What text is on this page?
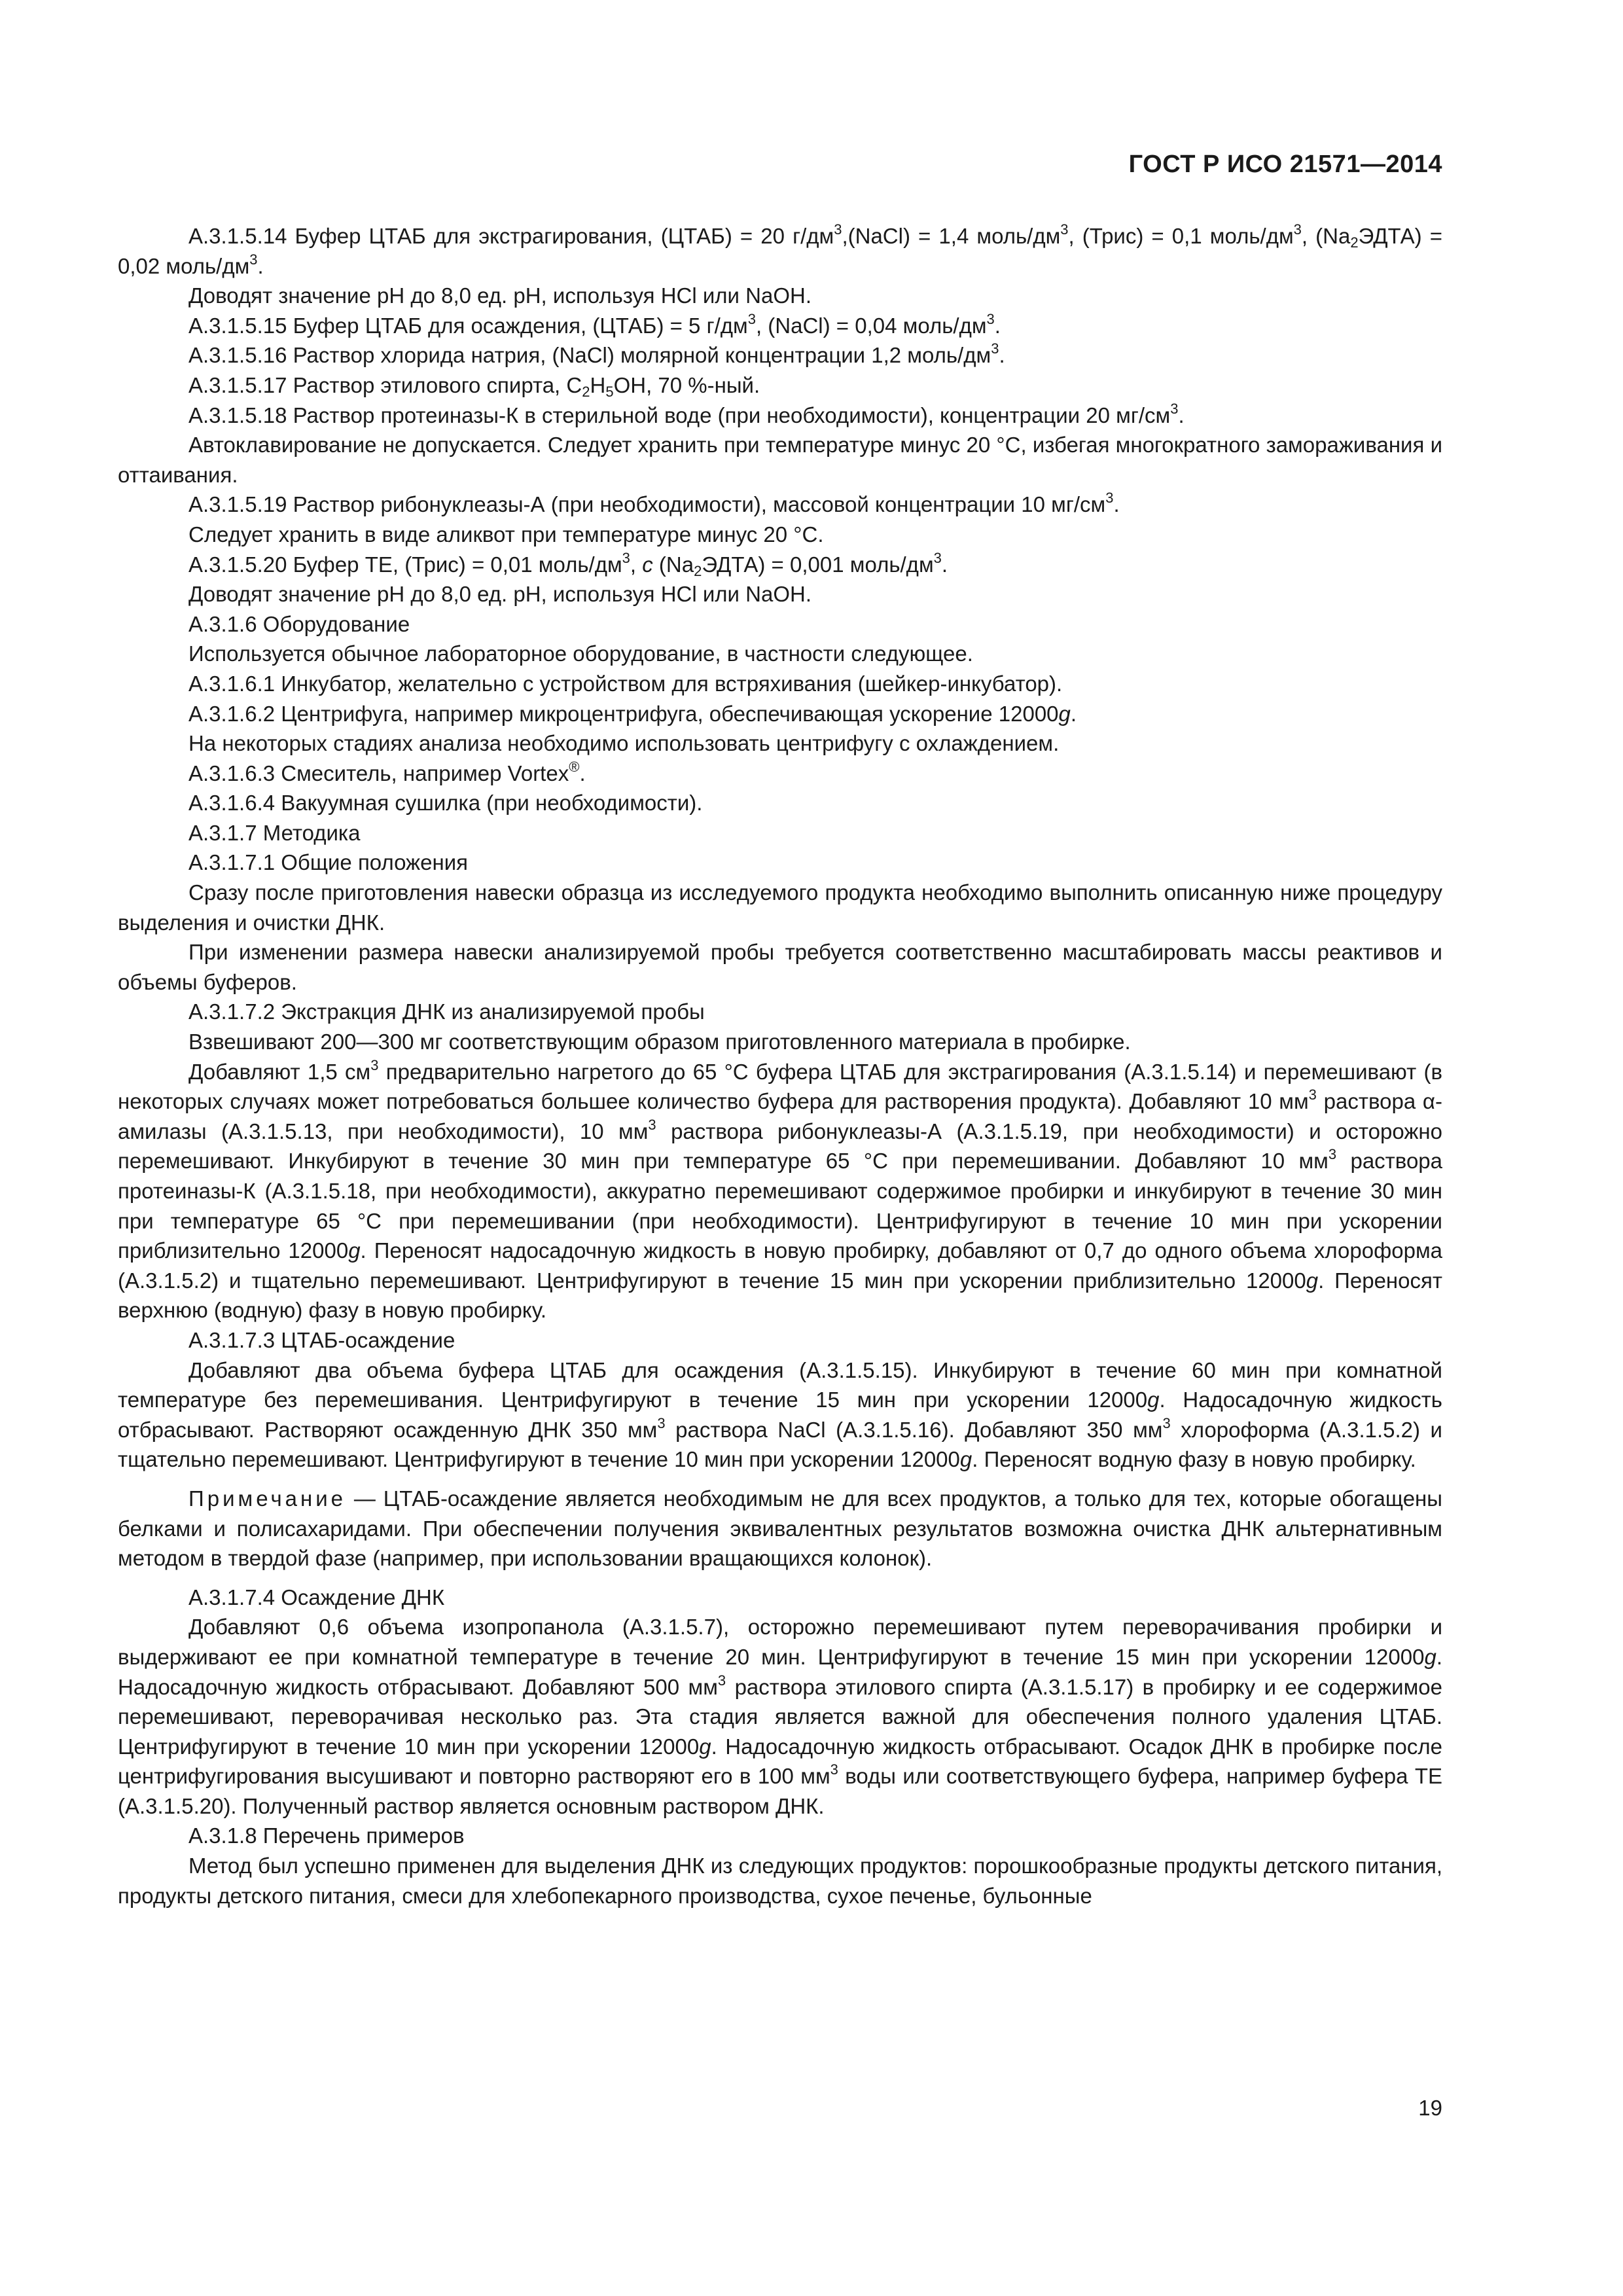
ГОСТ Р ИСО 21571—2014

А.3.1.5.14 Буфер ЦТАБ для экстрагирования, (ЦТАБ) = 20 $г/дм^3,(NaCl) = 1,4$ моль/$дм^3$, (Трис) = 0,1 моль/$дм^3$, $(Na_2ЭДТА) = 0,02$ моль/$дм^3$.

Доводят значение рН до 8,0 ед. рН, используя HCl или NaOH.

А.3.1.5.15 Буфер ЦТАБ для осаждения, (ЦТАБ) = 5 $г/дм^3$, (NaCl) = 0,04 моль/$дм^3$.

А.3.1.5.16 Раствор хлорида натрия, (NaCl) молярной концентрации 1,2 моль/$дм^3$.

А.3.1.5.17 Раствор этилового спирта, $C_2H_5OH$, 70 %-ный.

А.3.1.5.18 Раствор протеиназы-К в стерильной воде (при необходимости), концентрации 20 $мг/см^3$.

Автоклавирование не допускается. Следует хранить при температуре минус 20 °С, избегая многократного замораживания и оттаивания.

А.3.1.5.19 Раствор рибонуклеазы-А (при необходимости), массовой концентрации 10 $мг/см^3$.

Следует хранить в виде аликвот при температуре минус 20 °С.

А.3.1.5.20 Буфер ТЕ, (Трис) = 0,01 моль/$дм^3$, c $(Na_2ЭДТА) = 0,001$ моль/$дм^3$.

Доводят значение рН до 8,0 ед. рН, используя HCl или NaOH.

А.3.1.6 Оборудование

Используется обычное лабораторное оборудование, в частности следующее.

А.3.1.6.1 Инкубатор, желательно с устройством для встряхивания (шейкер-инкубатор).

А.3.1.6.2 Центрифуга, например микроцентрифуга, обеспечивающая ускорение 12000g.

На некоторых стадиях анализа необходимо использовать центрифугу с охлаждением.

А.3.1.6.3 Смеситель, например Vortex®.

А.3.1.6.4 Вакуумная сушилка (при необходимости).

А.3.1.7 Методика

А.3.1.7.1 Общие положения

Сразу после приготовления навески образца из исследуемого продукта необходимо выполнить описанную ниже процедуру выделения и очистки ДНК.

При изменении размера навески анализируемой пробы требуется соответственно масштабировать массы реактивов и объемы буферов.

А.3.1.7.2 Экстракция ДНК из анализируемой пробы

Взвешивают 200—300 мг соответствующим образом приготовленного материала в пробирке.

Добавляют 1,5 $см^3$ предварительно нагретого до 65 °С буфера ЦТАБ для экстрагирования (А.3.1.5.14) и перемешивают (в некоторых случаях может потребоваться большее количество буфера для растворения продукта). Добавляют 10 $мм^3$ раствора α-амилазы (А.3.1.5.13, при необходимости), 10 $мм^3$ раствора рибонуклеазы-А (А.3.1.5.19, при необходимости) и осторожно перемешивают. Инкубируют в течение 30 мин при температуре 65 °С при перемешивании. Добавляют 10 $мм^3$ раствора протеиназы-К (А.3.1.5.18, при необходимости), аккуратно перемешивают содержимое пробирки и инкубируют в течение 30 мин при температуре 65 °С при перемешивании (при необходимости). Центрифугируют в течение 10 мин при ускорении приблизительно 12000g. Переносят надосадочную жидкость в новую пробирку, добавляют от 0,7 до одного объема хлороформа (А.3.1.5.2) и тщательно перемешивают. Центрифугируют в течение 15 мин при ускорении приблизительно 12000g. Переносят верхнюю (водную) фазу в новую пробирку.

А.3.1.7.3 ЦТАБ-осаждение

Добавляют два объема буфера ЦТАБ для осаждения (А.3.1.5.15). Инкубируют в течение 60 мин при комнатной температуре без перемешивания. Центрифугируют в течение 15 мин при ускорении 12000g. Надосадочную жидкость отбрасывают. Растворяют осажденную ДНК 350 $мм^3$ раствора NaCl (А.3.1.5.16). Добавляют 350 $мм^3$ хлороформа (А.3.1.5.2) и тщательно перемешивают. Центрифугируют в течение 10 мин при ускорении 12000g. Переносят водную фазу в новую пробирку.

Примечание — ЦТАБ-осаждение является необходимым не для всех продуктов, а только для тех, которые обогащены белками и полисахаридами. При обеспечении получения эквивалентных результатов возможна очистка ДНК альтернативным методом в твердой фазе (например, при использовании вращающихся колонок).

А.3.1.7.4 Осаждение ДНК

Добавляют 0,6 объема изопропанола (А.3.1.5.7), осторожно перемешивают путем переворачивания пробирки и выдерживают ее при комнатной температуре в течение 20 мин. Центрифугируют в течение 15 мин при ускорении 12000g. Надосадочную жидкость отбрасывают. Добавляют 500 $мм^3$ раствора этилового спирта (А.3.1.5.17) в пробирку и ее содержимое перемешивают, переворачивая несколько раз. Эта стадия является важной для обеспечения полного удаления ЦТАБ. Центрифугируют в течение 10 мин при ускорении 12000g. Надосадочную жидкость отбрасывают. Осадок ДНК в пробирке после центрифугирования высушивают и повторно растворяют его в 100 $мм^3$ воды или соответствующего буфера, например буфера ТЕ (А.3.1.5.20). Полученный раствор является основным раствором ДНК.

А.3.1.8 Перечень примеров

Метод был успешно применен для выделения ДНК из следующих продуктов: порошкообразные продукты детского питания, продукты детского питания, смеси для хлебопекарного производства, сухое печенье, бульонные

19
